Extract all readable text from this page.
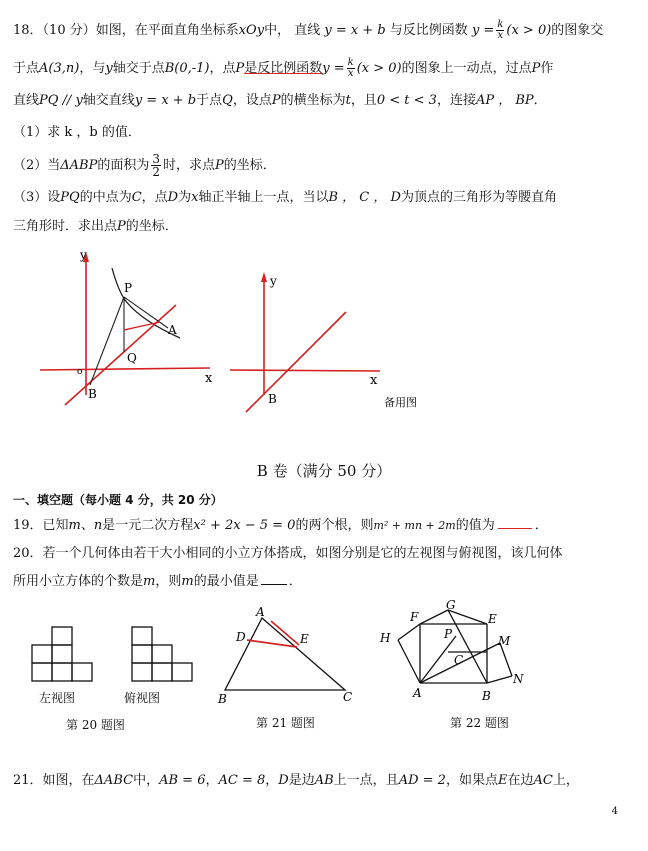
18．（10 分）如图，在平面直角坐标系xOy中， 直线 y = x + b 与反比例函数 $y = \frac{k}{x} (x > 0)$的图象交
于点A(3,n)，与y轴交于点B(0,-1)，点P是反比例函数$y = \frac{k}{x} (x > 0)$的图象上一动点，过点P作
直线PQ // y轴交直线y = x + b于点Q，设点P的横坐标为t，且0 < t < 3，连接AP ， BP．
（1）求 k ，b 的值．
（2）当ΔABP的面积为 $\frac{3}{2}$ 时，求点P的坐标．
（3）设PQ的中点为C，点D为x轴正半轴上一点，当以B ， C ， D为顶点的三角形为等腰直角
三角形时．求出点P的坐标．
y
x
P
A
Q
B
o
y
x
B	备用图
B 卷（满分 50 分）
一、填空题（每小题 4 分，共 20 分）
19．已知m、n是一元二次方程x² + 2x − 5 = 0的两个根，则m² + mn + 2m的值为	．
20．若一个几何体由若干大小相同的小立方体搭成，如图分别是它的左视图与俯视图，该几何体
所用小立方体的个数是m，则m的最小值是 ．
A
D	E
B	C
F
G
E
H	P	M
C
A	B
N
左视图	俯视图
第 20 题图	第 21 题图	第 22 题图
21．如图，在ΔABC中，AB = 6，AC = 8，D是边AB上一点，且AD = 2，如果点E在边AC上，
4
